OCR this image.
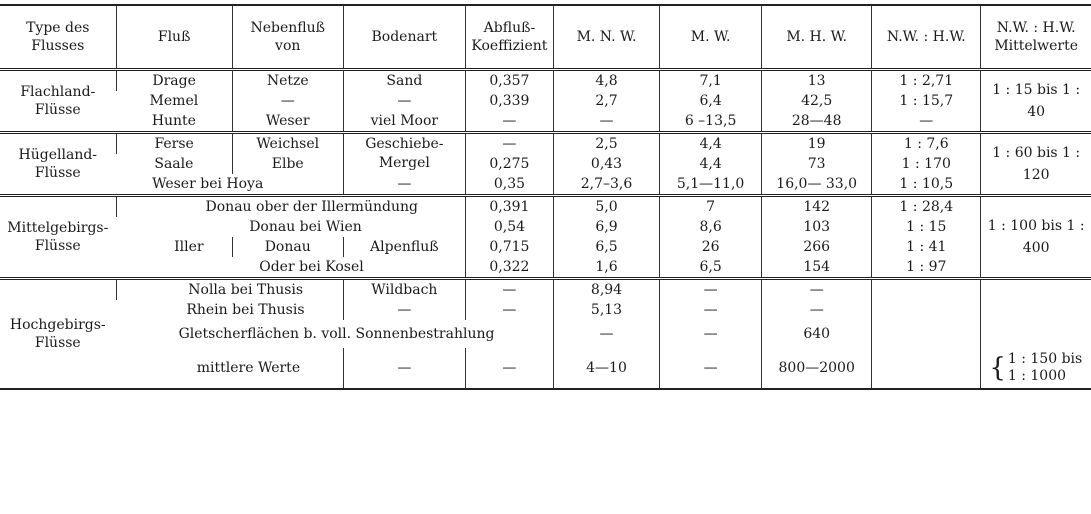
Type des Flusses	Fluß	Nebenfluß von	Bodenart	Abfluß-Koeffizient	M. N. W.	M. W.	M. H. W.	N.W. : H.W.	N.W. : H.W. Mittelwerte
Flachland-Flüsse	Drage	Netze	Sand	0,357	4,8	7,1	13	1 : 2,71	1 : 15 bis 1 : 40
	Memel	—	—	0,339	2,7	6,4	42,5	1 : 15,7	
	Hunte	Weser	viel Moor	—	—	6 –13,5	28—48	—	
Hügelland-Flüsse	Ferse	Weichsel	Geschiebe-Mergel	—	2,5	4,4	19	1 : 7,6	1 : 60 bis 1 : 120
	Saale	Elbe		0,275	0,43	4,4	73	1 : 170	
	Weser bei Hoya		—	0,35	2,7–3,6	5,1—11,0	16,0— 33,0	1 : 10,5	
Mittelgebirgs-Flüsse	Donau ober der Illermündung			0,391	5,0	7	142	1 : 28,4	1 : 100 bis 1 : 400
	Donau bei Wien			0,54	6,9	8,6	103	1 : 15	
	Iller	Donau	Alpenfluß	0,715	6,5	26	266	1 : 41	
	Oder bei Kosel			0,322	1,6	6,5	154	1 : 97	
Hochgebirgs-Flüsse	Nolla bei Thusis		Wildbach	—	8,94	—	—		
	Rhein bei Thusis		—	—	5,13	—	—		
	Gletscherflächen b. voll. Sonnenbestrahlung				—	—	640		
	mittlere Werte		—	—	4—10	—	800—2000		{ 1 : 150 bis
1 : 1000
